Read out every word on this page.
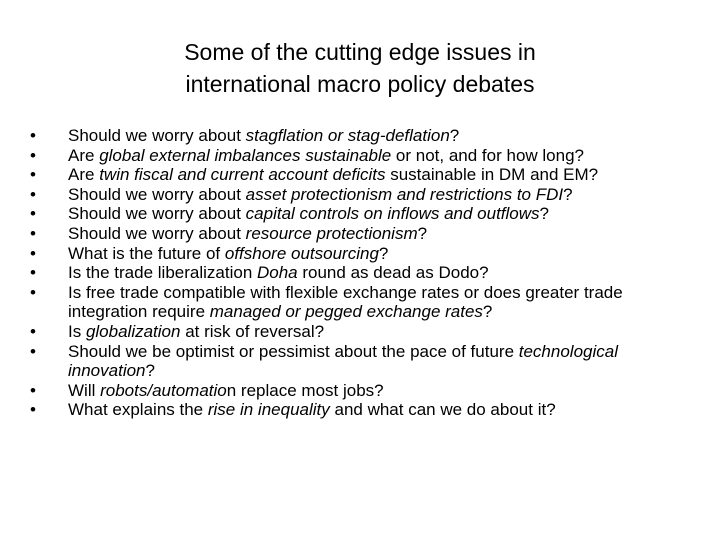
Some of the cutting edge issues in
international macro policy debates
•	Should we worry about stagflation or stag-deflation?
•	Are global external imbalances sustainable or not, and for how long?
•	Are twin fiscal and current account deficits sustainable in DM and EM?
•	Should we worry about asset protectionism and restrictions to FDI?
•	Should we worry about capital controls on inflows and outflows?
•	Should we worry about resource protectionism?
•	What is the future of offshore outsourcing?
•	Is the trade liberalization Doha round as dead as Dodo?
•	Is free trade compatible with flexible exchange rates or does greater trade integration require managed or pegged exchange rates?
•	Is globalization at risk of reversal?
•	Should we be optimist or pessimist about the pace of future technological innovation?
•	Will robots/automation replace most jobs?
•	What explains the rise in inequality and what can we do about it?
